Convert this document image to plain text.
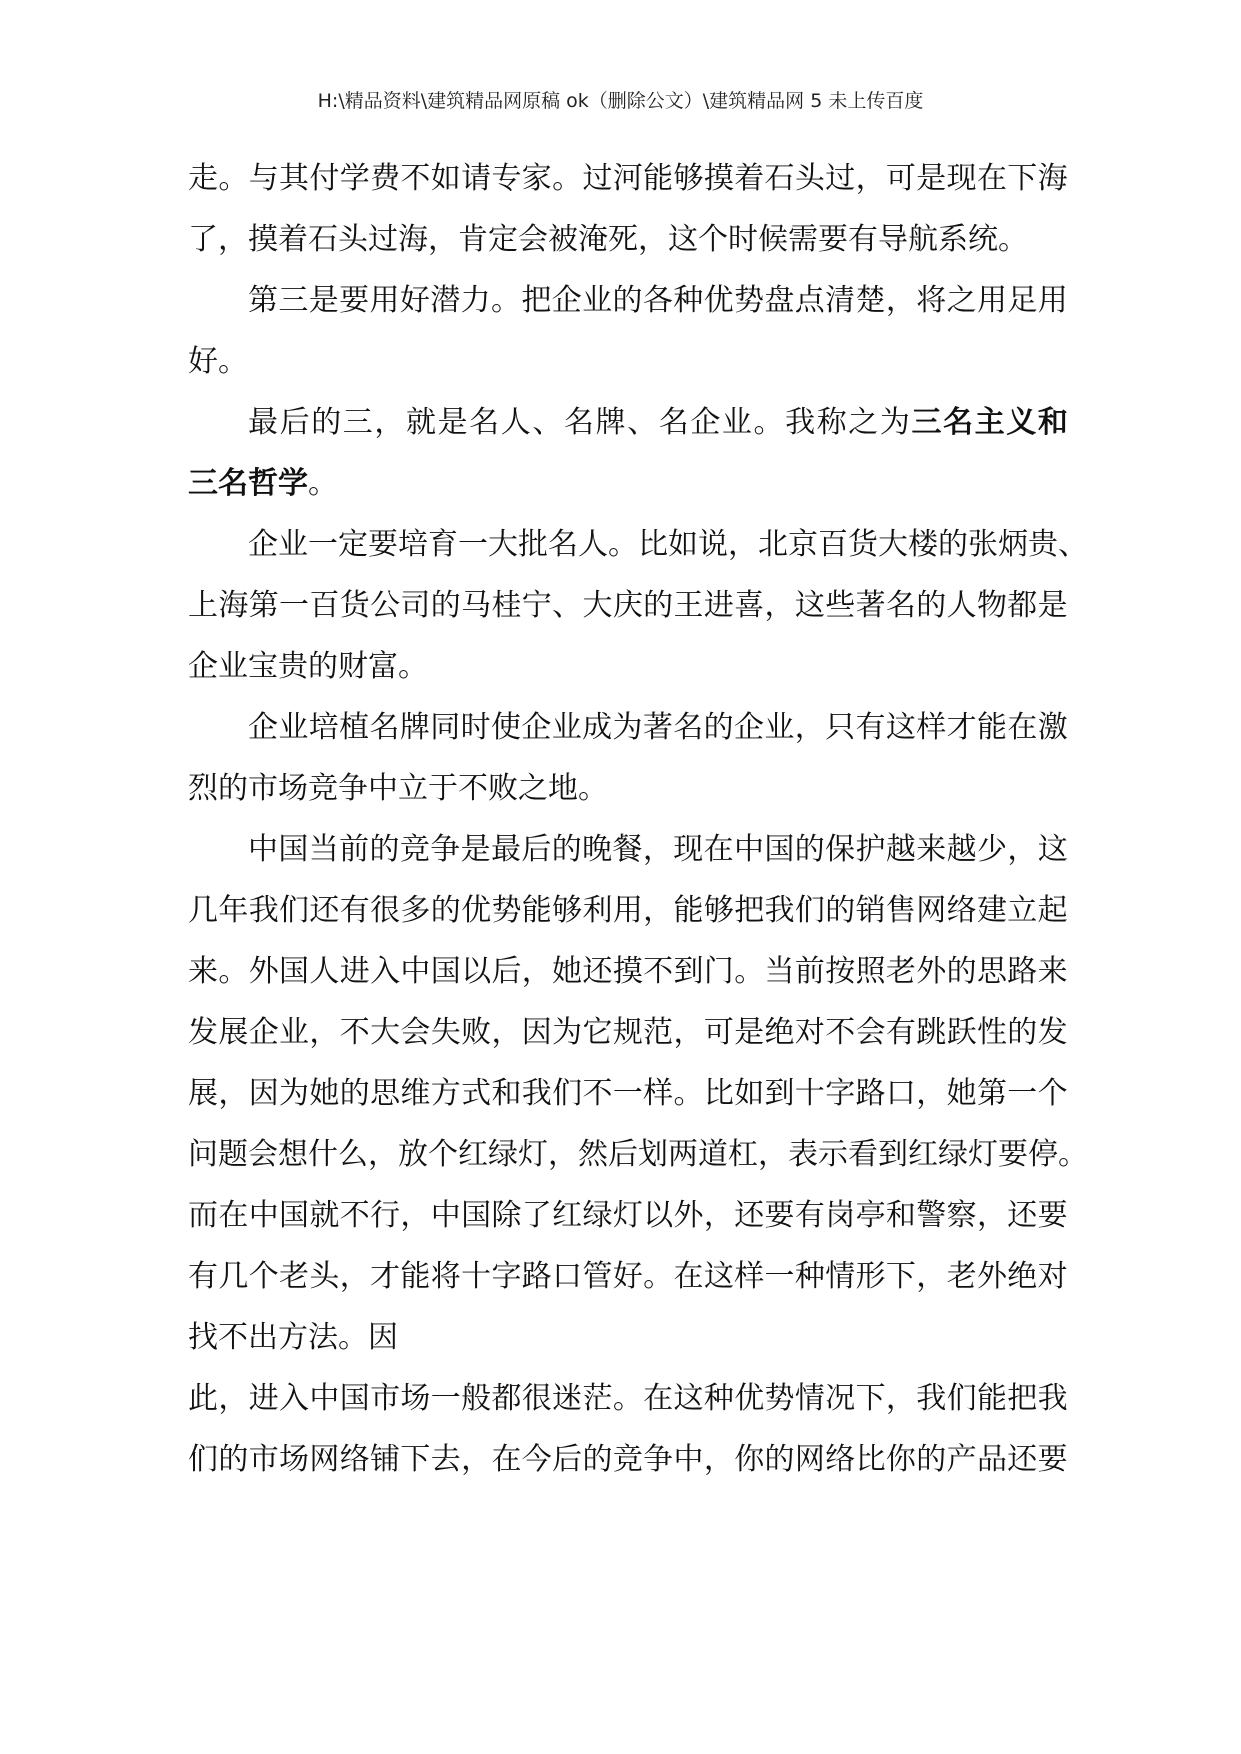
H:\精品资料\建筑精品网原稿 ok（删除公文）\建筑精品网 5 未上传百度
走 。 与 其 付 学 费 不 如 请 专 家 。 过 河 能 够 摸 着 石 头 过 ， 可 是 现 在 下 海
了 ， 摸 着 石 头 过 海 ， 肯 定 会 被 淹 死 ， 这 个 时 候 需 要 有 导 航 系 统 。
第 三 是 要 用 好 潜 力 。 把 企 业 的 各 种 优 势 盘 点 清 楚 ， 将 之 用 足 用
好 。
最 后 的 三 ， 就 是 名 人 、 名 牌 、 名 企 业 。 我 称 之 为 三 名 主 义 和
三 名 哲 学 。
企 业 一 定 要 培 育 一 大 批 名 人 。 比 如 说 ， 北 京 百 货 大 楼 的 张 炳 贵 、
上 海 第 一 百 货 公 司 的 马 桂 宁 、 大 庆 的 王 进 喜 ， 这 些 著 名 的 人 物 都 是
企 业 宝 贵 的 财 富 。
企 业 培 植 名 牌 同 时 使 企 业 成 为 著 名 的 企 业 ， 只 有 这 样 才 能 在 激
烈 的 市 场 竞 争 中 立 于 不 败 之 地 。
中 国 当 前 的 竞 争 是 最 后 的 晚 餐 ， 现 在 中 国 的 保 护 越 来 越 少 ， 这
几 年 我 们 还 有 很 多 的 优 势 能 够 利 用 ， 能 够 把 我 们 的 销 售 网 络 建 立 起
来 。 外 国 人 进 入 中 国 以 后 ， 她 还 摸 不 到 门 。 当 前 按 照 老 外 的 思 路 来
发 展 企 业 ， 不 大 会 失 败 ， 因 为 它 规 范 ， 可 是 绝 对 不 会 有 跳 跃 性 的 发
展 ， 因 为 她 的 思 维 方 式 和 我 们 不 一 样 。 比 如 到 十 字 路 口 ， 她 第 一 个
问 题 会 想 什 么 ， 放 个 红 绿 灯 ， 然 后 划 两 道 杠 ， 表 示 看 到 红 绿 灯 要 停 。
而 在 中 国 就 不 行 ， 中 国 除 了 红 绿 灯 以 外 ， 还 要 有 岗 亭 和 警 察 ， 还 要
有 几 个 老 头 ， 才 能 将 十 字 路 口 管 好 。 在 这 样 一 种 情 形 下 ， 老 外 绝 对
找 不 出 方 法 。 因
此 ， 进 入 中 国 市 场 一 般 都 很 迷 茫 。 在 这 种 优 势 情 况 下 ， 我 们 能 把 我
们 的 市 场 网 络 铺 下 去 ， 在 今 后 的 竞 争 中 ， 你 的 网 络 比 你 的 产 品 还 要
